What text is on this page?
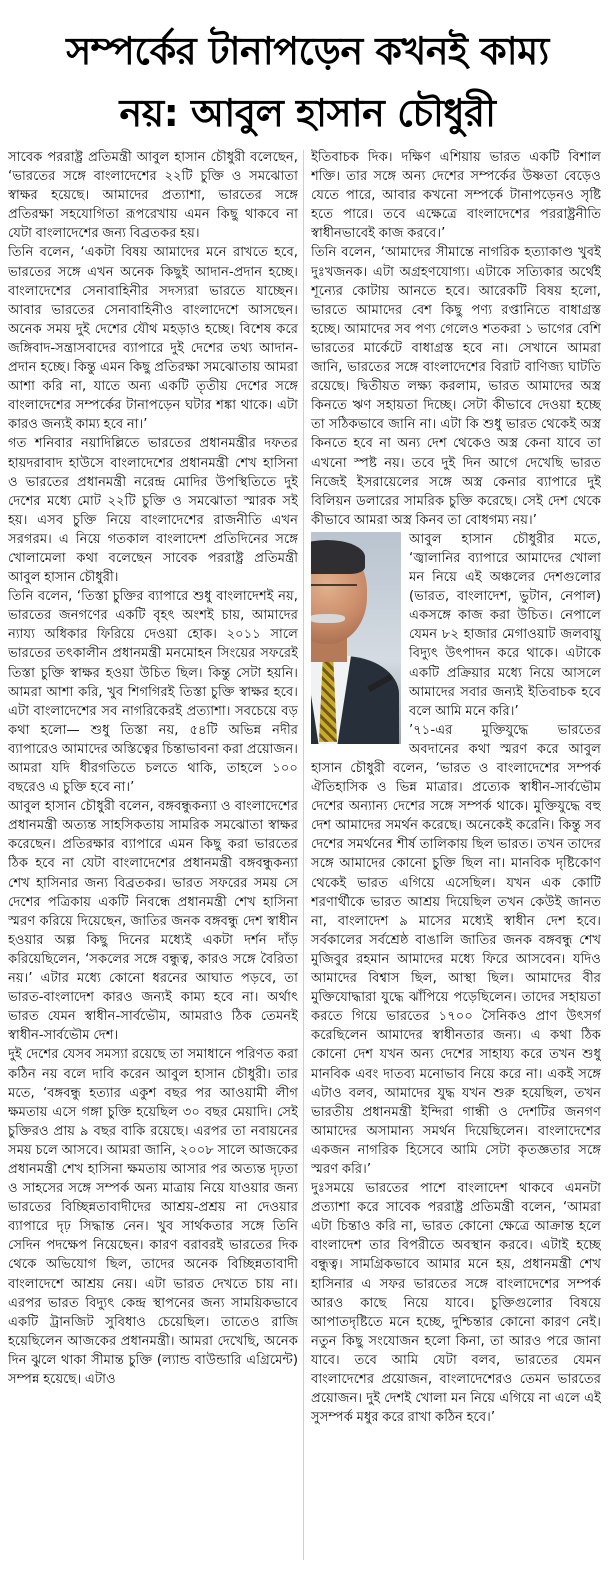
সম্পর্কের টানাপড়েন কখনই কাম্য
নয়: আবুল হাসান চৌধুরী

সাবেক পররাষ্ট্র প্রতিমন্ত্রী আবুল হাসান চৌধুরী বলেছেন, ‘ভারতের সঙ্গে বাংলাদেশের ২২টি চুক্তি ও সমঝোতা স্বাক্ষর হয়েছে। আমাদের প্রত্যাশা, ভারতের সঙ্গে প্রতিরক্ষা সহযোগিতা রূপরেখায় এমন কিছু থাকবে না যেটা বাংলাদেশের জন্য বিব্রতকর হয়।

তিনি বলেন, ‘একটা বিষয় আমাদের মনে রাখতে হবে, ভারতের সঙ্গে এখন অনেক কিছুই আদান-প্রদান হচ্ছে। বাংলাদেশের সেনাবাহিনীর সদস্যরা ভারতে যাচ্ছেন। আবার ভারতের সেনাবাহিনীও বাংলাদেশে আসছেন। অনেক সময় দুই দেশের যৌথ মহড়াও হচ্ছে। বিশেষ করে জঙ্গিবাদ-সন্ত্রাসবাদের ব্যাপারে দুই দেশের তথ্য আদান-প্রদান হচ্ছে। কিন্তু এমন কিছু প্রতিরক্ষা সমঝোতায় আমরা আশা করি না, যাতে অন্য একটি তৃতীয় দেশের সঙ্গে বাংলাদেশের সম্পর্কের টানাপড়েন ঘটার শঙ্কা থাকে। এটা কারও জন্যই কাম্য হবে না।’

গত শনিবার নয়াদিল্লিতে ভারতের প্রধানমন্ত্রীর দফতর হায়দরাবাদ হাউসে বাংলাদেশের প্রধানমন্ত্রী শেখ হাসিনা ও ভারতের প্রধানমন্ত্রী নরেন্দ্র মোদির উপস্থিতিতে দুই দেশের মধ্যে মোট ২২টি চুক্তি ও সমঝোতা স্মারক সই হয়। এসব চুক্তি নিয়ে বাংলাদেশের রাজনীতি এখন সরগরম। এ নিয়ে গতকাল বাংলাদেশ প্রতিদিনের সঙ্গে খোলামেলা কথা বলেছেন সাবেক পররাষ্ট্র প্রতিমন্ত্রী আবুল হাসান চৌধুরী।

তিনি বলেন, ‘তিস্তা চুক্তির ব্যাপারে শুধু বাংলাদেশই নয়, ভারতের জনগণের একটি বৃহৎ অংশই চায়, আমাদের ন্যায্য অধিকার ফিরিয়ে দেওয়া হোক। ২০১১ সালে ভারতের তৎকালীন প্রধানমন্ত্রী মনমোহন সিংয়ের সফরেই তিস্তা চুক্তি স্বাক্ষর হওয়া উচিত ছিল। কিন্তু সেটা হয়নি। আমরা আশা করি, খুব শিগগিরই তিস্তা চুক্তি স্বাক্ষর হবে। এটা বাংলাদেশের সব নাগরিকেরই প্রত্যাশা। সবচেয়ে বড় কথা হলো— শুধু তিস্তা নয়, ৫৪টি অভিন্ন নদীর ব্যাপারেও আমাদের অস্তিত্বের চিন্তাভাবনা করা প্রয়োজন। আমরা যদি ধীরগতিতে চলতে থাকি, তাহলে ১০০ বছরেও এ চুক্তি হবে না।’

আবুল হাসান চৌধুরী বলেন, বঙ্গবন্ধুকন্যা ও বাংলাদেশের প্রধানমন্ত্রী অত্যন্ত সাহসিকতায় সামরিক সমঝোতা স্বাক্ষর করেছেন। প্রতিরক্ষার ব্যাপারে এমন কিছু করা ভারতের ঠিক হবে না যেটা বাংলাদেশের প্রধানমন্ত্রী বঙ্গবন্ধুকন্যা শেখ হাসিনার জন্য বিব্রতকর। ভারত সফরের সময় সে দেশের পত্রিকায় একটি নিবন্ধে প্রধানমন্ত্রী শেখ হাসিনা স্মরণ করিয়ে দিয়েছেন, জাতির জনক বঙ্গবন্ধু দেশ স্বাধীন হওয়ার অল্প কিছু দিনের মধ্যেই একটা দর্শন দাঁড় করিয়েছিলেন, ‘সকলের সঙ্গে বন্ধুত্ব, কারও সঙ্গে বৈরিতা নয়।’ এটার মধ্যে কোনো ধরনের আঘাত পড়বে, তা ভারত-বাংলাদেশ কারও জন্যই কাম্য হবে না। অর্থাৎ ভারত যেমন স্বাধীন-সার্বভৌম, আমরাও ঠিক তেমনই স্বাধীন-সার্বভৌম দেশ।

দুই দেশের যেসব সমস্যা রয়েছে তা সমাধানে পরিণত করা কঠিন নয় বলে দাবি করেন আবুল হাসান চৌধুরী। তার মতে, ‘বঙ্গবন্ধু হত্যার একুশ বছর পর আওয়ামী লীগ ক্ষমতায় এসে গঙ্গা চুক্তি হয়েছিল ৩০ বছর মেয়াদি। সেই চুক্তিরও প্রায় ৯ বছর বাকি রয়েছে। এরপর তা নবায়নের সময় চলে আসবে। আমরা জানি, ২০০৮ সালে আজকের প্রধানমন্ত্রী শেখ হাসিনা ক্ষমতায় আসার পর অত্যন্ত দৃঢ়তা ও সাহসের সঙ্গে সম্পর্ক অন্য মাত্রায় নিয়ে যাওয়ার জন্য ভারতের বিচ্ছিন্নতাবাদীদের আশ্রয়-প্রশ্রয় না দেওয়ার ব্যাপারে দৃঢ় সিদ্ধান্ত নেন। খুব সার্থকতার সঙ্গে তিনি সেদিন পদক্ষেপ নিয়েছেন। কারণ বরাবরই ভারতের দিক থেকে অভিযোগ ছিল, তাদের অনেক বিচ্ছিন্নতাবাদী বাংলাদেশে আশ্রয় নেয়। এটা ভারত দেখতে চায় না। এরপর ভারত বিদ্যুৎ কেন্দ্র স্থাপনের জন্য সাময়িকভাবে একটি ট্রানজিট সুবিধাও চেয়েছিল। তাতেও রাজি হয়েছিলেন আজকের প্রধানমন্ত্রী। আমরা দেখেছি, অনেক দিন ঝুলে থাকা সীমান্ত চুক্তি (ল্যান্ড বাউন্ডারি এগ্রিমেন্ট) সম্পন্ন হয়েছে। এটাও

ইতিবাচক দিক। দক্ষিণ এশিয়ায় ভারত একটি বিশাল শক্তি। তার সঙ্গে অন্য দেশের সম্পর্কের উষ্ণতা বেড়েও যেতে পারে, আবার কখনো সম্পর্কে টানাপড়েনও সৃষ্টি হতে পারে। তবে এক্ষেত্রে বাংলাদেশের পররাষ্ট্রনীতি স্বাধীনভাবেই কাজ করবে।’

তিনি বলেন, ‘আমাদের সীমান্তে নাগরিক হত্যাকাণ্ড খুবই দুঃখজনক। এটা অগ্রহণযোগ্য। এটাকে সত্যিকার অর্থেই শূন্যের কোটায় আনতে হবে। আরেকটি বিষয় হলো, ভারতে আমাদের বেশ কিছু পণ্য রপ্তানিতে বাধাগ্রস্ত হচ্ছে। আমাদের সব পণ্য গেলেও শতকরা ১ ভাগের বেশি ভারতের মার্কেটে বাধাগ্রস্ত হবে না। সেখানে আমরা জানি, ভারতের সঙ্গে বাংলাদেশের বিরাট বাণিজ্য ঘাটতি রয়েছে। দ্বিতীয়ত লক্ষ্য করলাম, ভারত আমাদের অস্ত্র কিনতে ঋণ সহায়তা দিচ্ছে। সেটা কীভাবে দেওয়া হচ্ছে তা সঠিকভাবে জানি না। এটা কি শুধু ভারত থেকেই অস্ত্র কিনতে হবে না অন্য দেশ থেকেও অস্ত্র কেনা যাবে তা এখনো স্পষ্ট নয়। তবে দুই দিন আগে দেখেছি ভারত নিজেই ইসরায়েলের সঙ্গে অস্ত্র কেনার ব্যাপারে দুই বিলিয়ন ডলারের সামরিক চুক্তি করেছে। সেই দেশ থেকে কীভাবে আমরা অস্ত্র কিনব তা বোধগম্য নয়।’

আবুল হাসান চৌধুরীর মতে, ‘জ্বালানির ব্যাপারে আমাদের খোলা মন নিয়ে এই অঞ্চলের দেশগুলোর (ভারত, বাংলাদেশ, ভুটান, নেপাল) একসঙ্গে কাজ করা উচিত। নেপালে যেমন ৮২ হাজার মেগাওয়াট জলবায়ু বিদ্যুৎ উৎপাদন করে থাকে। এটাকে একটি প্রক্রিয়ার মধ্যে নিয়ে আসলে আমাদের সবার জন্যই ইতিবাচক হবে বলে আমি মনে করি।’

’৭১-এর মুক্তিযুদ্ধে ভারতের অবদানের কথা স্মরণ করে আবুল হাসান চৌধুরী বলেন, ‘ভারত ও বাংলাদেশের সম্পর্ক ঐতিহাসিক ও ভিন্ন মাত্রার। প্রত্যেক স্বাধীন-সার্বভৌম দেশের অন্যান্য দেশের সঙ্গে সম্পর্ক থাকে। মুক্তিযুদ্ধে বহু দেশ আমাদের সমর্থন করেছে। অনেকেই করেনি। কিন্তু সব দেশের সমর্থনের শীর্ষ তালিকায় ছিল ভারত। তখন তাদের সঙ্গে আমাদের কোনো চুক্তি ছিল না। মানবিক দৃষ্টিকোণ থেকেই ভারত এগিয়ে এসেছিল। যখন এক কোটি শরণার্থীকে ভারত আশ্রয় দিয়েছিল তখন কেউই জানত না, বাংলাদেশ ৯ মাসের মধ্যেই স্বাধীন দেশ হবে। সর্বকালের সর্বশ্রেষ্ঠ বাঙালি জাতির জনক বঙ্গবন্ধু শেখ মুজিবুর রহমান আমাদের মধ্যে ফিরে আসবেন। যদিও আমাদের বিশ্বাস ছিল, আস্থা ছিল। আমাদের বীর মুক্তিযোদ্ধারা যুদ্ধে ঝাঁপিয়ে পড়েছিলেন। তাদের সহায়তা করতে গিয়ে ভারতের ১৭০০ সৈনিকও প্রাণ উৎসর্গ করেছিলেন আমাদের স্বাধীনতার জন্য। এ কথা ঠিক কোনো দেশ যখন অন্য দেশের সাহায্য করে তখন শুধু মানবিক এবং দাতব্য মনোভাব নিয়ে করে না। একই সঙ্গে এটাও বলব, আমাদের যুদ্ধ যখন শুরু হয়েছিল, তখন ভারতীয় প্রধানমন্ত্রী ইন্দিরা গান্ধী ও দেশটির জনগণ আমাদের অসামান্য সমর্থন দিয়েছিলেন। বাংলাদেশের একজন নাগরিক হিসেবে আমি সেটা কৃতজ্ঞতার সঙ্গে স্মরণ করি।’

দুঃসময়ে ভারতের পাশে বাংলাদেশ থাকবে এমনটা প্রত্যাশা করে সাবেক পররাষ্ট্র প্রতিমন্ত্রী বলেন, ‘আমরা এটা চিন্তাও করি না, ভারত কোনো ক্ষেত্রে আক্রান্ত হলে বাংলাদেশ তার বিপরীতে অবস্থান করবে। এটাই হচ্ছে বন্ধুত্ব। সামগ্রিকভাবে আমার মনে হয়, প্রধানমন্ত্রী শেখ হাসিনার এ সফর ভারতের সঙ্গে বাংলাদেশের সম্পর্ক আরও কাছে নিয়ে যাবে। চুক্তিগুলোর বিষয়ে আপাতদৃষ্টিতে মনে হচ্ছে, দুশ্চিন্তার কোনো কারণ নেই। নতুন কিছু সংযোজন হলো কিনা, তা আরও পরে জানা যাবে। তবে আমি যেটা বলব, ভারতের যেমন বাংলাদেশের প্রয়োজন, বাংলাদেশেরও তেমন ভারতের প্রয়োজন। দুই দেশই খোলা মন নিয়ে এগিয়ে না এলে এই সুসম্পর্ক মধুর করে রাখা কঠিন হবে।’
